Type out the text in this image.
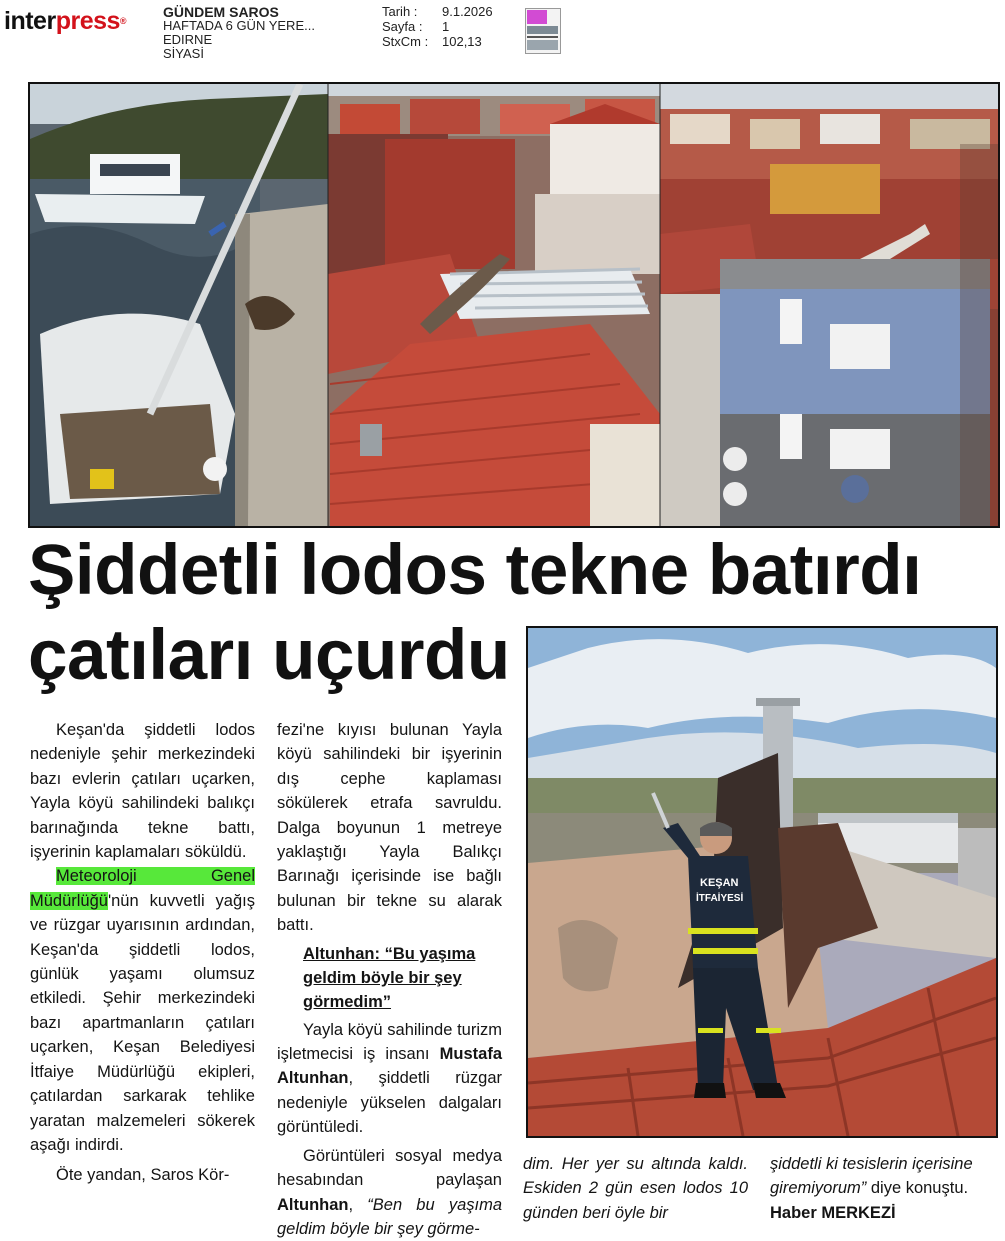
interpress®
GÜNDEM SAROS
HAFTADA 6 GÜN YERE...
EDIRNE
SİYASİ
Tarih :	9.1.2026
Sayfa :	1
StxCm :	102,13
Şiddetli lodos tekne batırdı
çatıları uçurdu
KEŞAN
İTFAİYESİ

Keşan'da şiddetli lodos nedeniyle şehir merkezindeki bazı evlerin çatıları uçarken, Yayla köyü sahilindeki balıkçı barınağında tekne battı, işyerinin kaplamaları söküldü.

Meteoroloji Genel Müdürlüğü'nün kuvvetli yağış ve rüzgar uyarısının ardından, Keşan'da şiddetli lodos, günlük yaşamı olumsuz etkiledi. Şehir merkezindeki bazı apartmanların çatıları uçarken, Keşan Belediyesi İtfaiye Müdürlüğü ekipleri, çatılardan sarkarak tehlike yaratan malzemeleri sökerek aşağı indirdi.

Öte yandan, Saros Kör-

fezi'ne kıyısı bulunan Yayla köyü sahilindeki bir işyerinin dış cephe kaplaması sökülerek etrafa savruldu. Dalga boyunun 1 metreye yaklaştığı Yayla Balıkçı Barınağı içerisinde ise bağlı bulunan bir tekne su alarak battı.

Altunhan: “Bu yaşıma geldim böyle bir şey görmedim”

Yayla köyü sahilinde turizm işletmecisi iş insanı Mustafa Altunhan, şiddetli rüzgar nedeniyle yükselen dalgaları görüntüledi.

Görüntüleri sosyal medya hesabından paylaşan Altunhan, “Ben bu yaşıma geldim böyle bir şey görme-

dim. Her yer su altında kaldı. Eskiden 2 gün esen lodos 10 günden beri öyle bir

şiddetli ki tesislerin içerisine giremiyorum” diye konuştu.

Haber MERKEZİ
